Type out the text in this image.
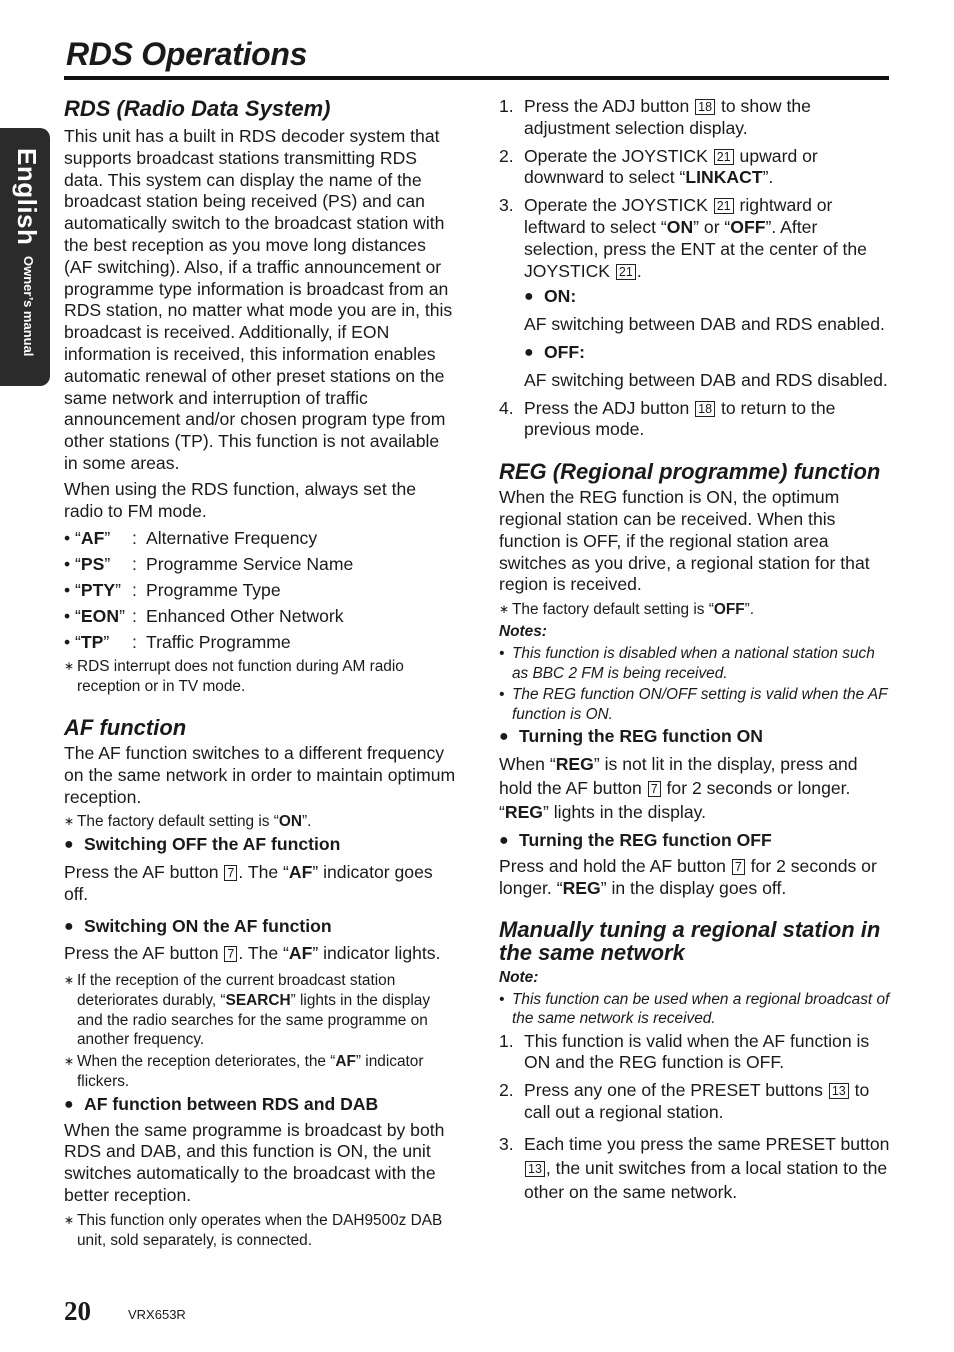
RDS Operations
English
Owner’s manual
RDS (Radio Data System)

This unit has a built in RDS decoder system that supports broadcast stations transmitting RDS data. This system can display the name of the broadcast station being received (PS) and can automatically switch to the broadcast station with the best reception as you move long distances (AF switching). Also, if a traffic announcement or programme type information is broadcast from an RDS station, no matter what mode you are in, this broadcast is received. Additionally, if EON information is received, this information enables automatic renewal of other preset stations on the same network and interruption of traffic announcement and/or chosen program type from other stations (TP). This function is not available in some areas.

When using the RDS function, always set the radio to FM mode.

• “AF”	: Alternative Frequency
• “PS”	: Programme Service Name
• “PTY” : Programme Type
• “EON” : Enhanced Other Network
• “TP”	: Traffic Programme
∗ RDS interrupt does not function during AM radio reception or in TV mode.
AF function

The AF function switches to a different frequency on the same network in order to maintain optimum reception.

∗ The factory default setting is “ON”.
● Switching OFF the AF function

Press the AF button 7 . The “AF” indicator goes off.

● Switching ON the AF function

Press the AF button 7 . The “AF” indicator lights.

∗ If the reception of the current broadcast station deteriorates durably, “SEARCH” lights in the display and the radio searches for the same programme on another frequency.
∗ When the reception deteriorates, the “AF” indicator flickers.
● AF function between RDS and DAB

When the same programme is broadcast by both RDS and DAB, and this function is ON, the unit switches automatically to the broadcast with the better reception.

∗ This function only operates when the DAH9500z DAB unit, sold separately, is connected.
1. Press the ADJ button 18 to show the adjustment selection display.
2. Operate the JOYSTICK 21 upward or downward to select “LINKACT”.
3. Operate the JOYSTICK 21 rightward or leftward to select “ON” or “OFF”. After selection, press the ENT at the center of the JOYSTICK 21 .
● ON:

AF switching between DAB and RDS enabled.

● OFF:

AF switching between DAB and RDS disabled.

4. Press the ADJ button 18 to return to the previous mode.
REG (Regional programme) function

When the REG function is ON, the optimum regional station can be received. When this function is OFF, if the regional station area switches as you drive, a regional station for that region is received.

∗ The factory default setting is “OFF”.
Notes:
• This function is disabled when a national station such as BBC 2 FM is being received.
• The REG function ON/OFF setting is valid when the AF function is ON.
● Turning the REG function ON

When “REG” is not lit in the display, press and hold the AF button 7 for 2 seconds or longer. “REG” lights in the display.

● Turning the REG function OFF

Press and hold the AF button 7 for 2 seconds or longer. “REG” in the display goes off.

Manually tuning a regional station in the same network
Note:
• This function can be used when a regional broadcast of the same network is received.
1. This function is valid when the AF function is ON and the REG function is OFF.
2. Press any one of the PRESET buttons 13 to call out a regional station.
3. Each time you press the same PRESET button 13 , the unit switches from a local station to the other on the same network.
20	VRX653R
